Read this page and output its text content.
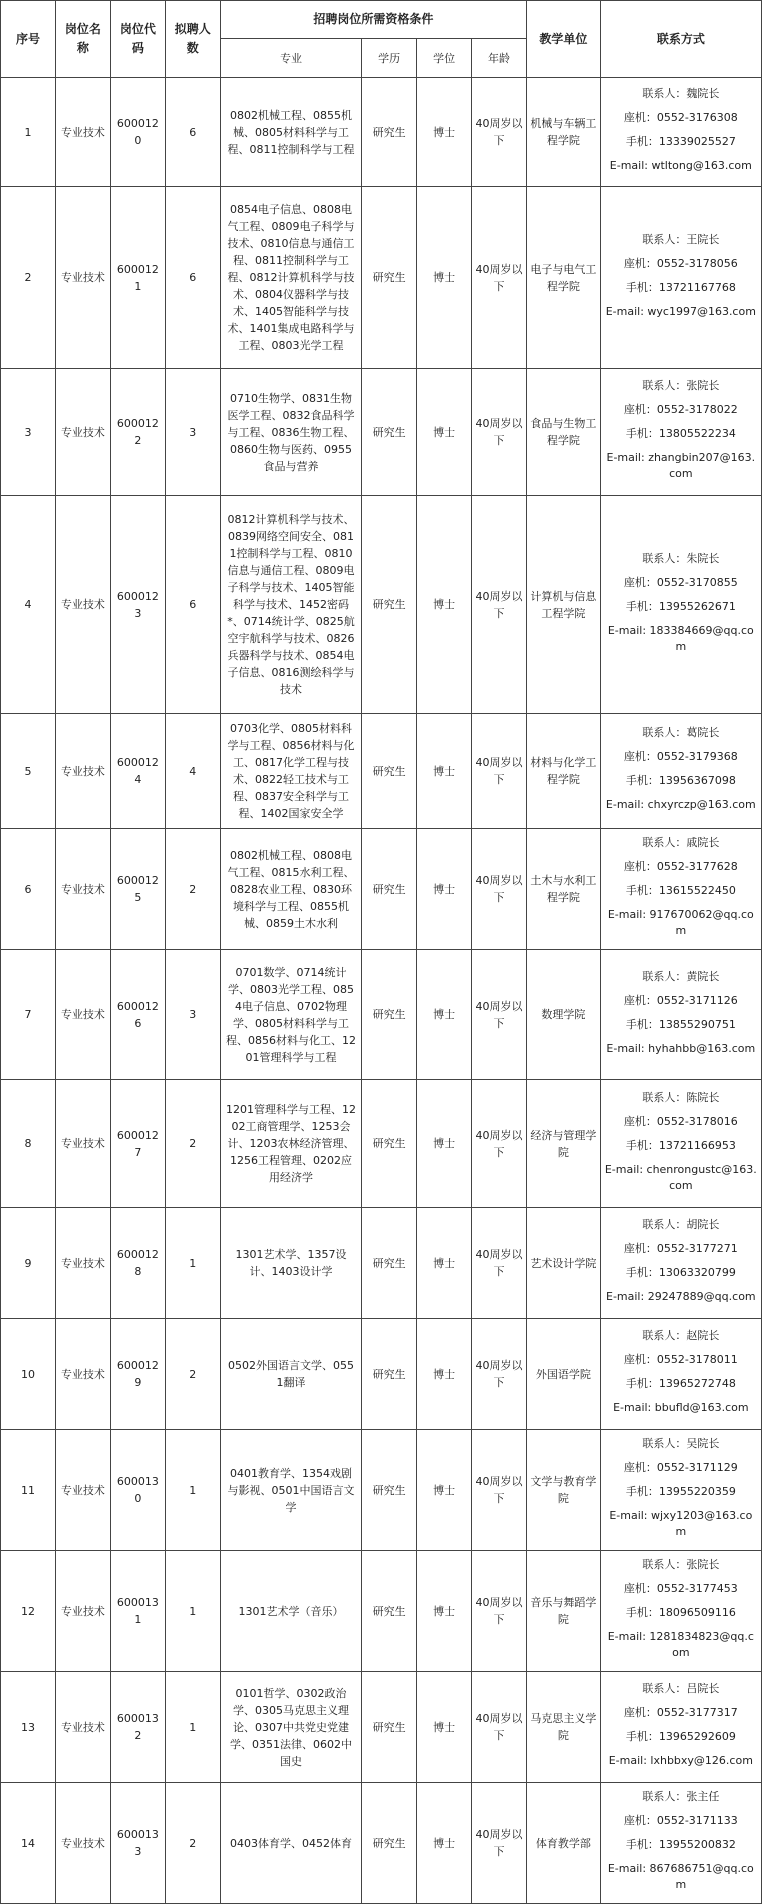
序号	岗位名称	岗位代码	拟聘人数	招聘岗位所需资格条件				教学单位	联系方式
				专业	学历	学位	年龄		
1	专业技术	6000120	6	0802机械工程、0855机械、0805材料科学与工程、0811控制科学与工程	研究生	博士	40周岁以下	机械与车辆工程学院	联系人：魏院长

座机：0552-3176308

手机：13339025527

E-mail: wtltong@163.com

2	专业技术	6000121	6	0854电子信息、0808电气工程、0809电子科学与技术、0810信息与通信工程、0811控制科学与工程、0812计算机科学与技术、0804仪器科学与技术、1405智能科学与技术、1401集成电路科学与工程、0803光学工程	研究生	博士	40周岁以下	电子与电气工程学院	联系人：王院长

座机：0552-3178056

手机：13721167768

E-mail: wyc1997@163.com

3	专业技术	6000122	3	0710生物学、0831生物医学工程、0832食品科学与工程、0836生物工程、0860生物与医药、0955食品与营养	研究生	博士	40周岁以下	食品与生物工程学院	联系人：张院长

座机：0552-3178022

手机：13805522234

E-mail: zhangbin207@163.com

4	专业技术	6000123	6	0812计算机科学与技术、0839网络空间安全、0811控制科学与工程、0810信息与通信工程、0809电子科学与技术、1405智能科学与技术、1452密码*、0714统计学、0825航空宇航科学与技术、0826兵器科学与技术、0854电子信息、0816测绘科学与技术	研究生	博士	40周岁以下	计算机与信息工程学院	联系人：朱院长

座机：0552-3170855

手机：13955262671

E-mail: 183384669@qq.com

5	专业技术	6000124	4	0703化学、0805材料科学与工程、0856材料与化工、0817化学工程与技术、0822轻工技术与工程、0837安全科学与工程、1402国家安全学	研究生	博士	40周岁以下	材料与化学工程学院	联系人：葛院长

座机：0552-3179368

手机：13956367098

E-mail: chxyrczp@163.com

6	专业技术	6000125	2	0802机械工程、0808电气工程、0815水利工程、0828农业工程、0830环境科学与工程、0855机械、0859土木水利	研究生	博士	40周岁以下	土木与水利工程学院	联系人：戚院长

座机：0552-3177628

手机：13615522450

E-mail: 917670062@qq.com

7	专业技术	6000126	3	0701数学、0714统计学、0803光学工程、0854电子信息、0702物理学、0805材料科学与工程、0856材料与化工、1201管理科学与工程	研究生	博士	40周岁以下	数理学院	联系人：黄院长

座机：0552-3171126

手机：13855290751

E-mail: hyhahbb@163.com

8	专业技术	6000127	2	1201管理科学与工程、1202工商管理学、1253会计、1203农林经济管理、1256工程管理、0202应用经济学	研究生	博士	40周岁以下	经济与管理学院	联系人：陈院长

座机：0552-3178016

手机：13721166953

E-mail: chenrongustc@163.com

9	专业技术	6000128	1	1301艺术学、1357设计、1403设计学	研究生	博士	40周岁以下	艺术设计学院	联系人：胡院长

座机：0552-3177271

手机：13063320799

E-mail: 29247889@qq.com

10	专业技术	6000129	2	0502外国语言文学、0551翻译	研究生	博士	40周岁以下	外国语学院	联系人：赵院长

座机：0552-3178011

手机：13965272748

E-mail: bbufld@163.com

11	专业技术	6000130	1	0401教育学、1354戏剧与影视、0501中国语言文学	研究生	博士	40周岁以下	文学与教育学院	联系人：吴院长

座机：0552-3171129

手机：13955220359

E-mail: wjxy1203@163.com

12	专业技术	6000131	1	1301艺术学（音乐）	研究生	博士	40周岁以下	音乐与舞蹈学院	联系人：张院长

座机：0552-3177453

手机：18096509116

E-mail: 1281834823@qq.com

13	专业技术	6000132	1	0101哲学、0302政治学、0305马克思主义理论、0307中共党史党建学、0351法律、0602中国史	研究生	博士	40周岁以下	马克思主义学院	联系人：吕院长

座机：0552-3177317

手机：13965292609

E-mail: lxhbbxy@126.com

14	专业技术	6000133	2	0403体育学、0452体育	研究生	博士	40周岁以下	体育教学部	联系人：张主任

座机：0552-3171133

手机：13955200832

E-mail: 867686751@qq.com
